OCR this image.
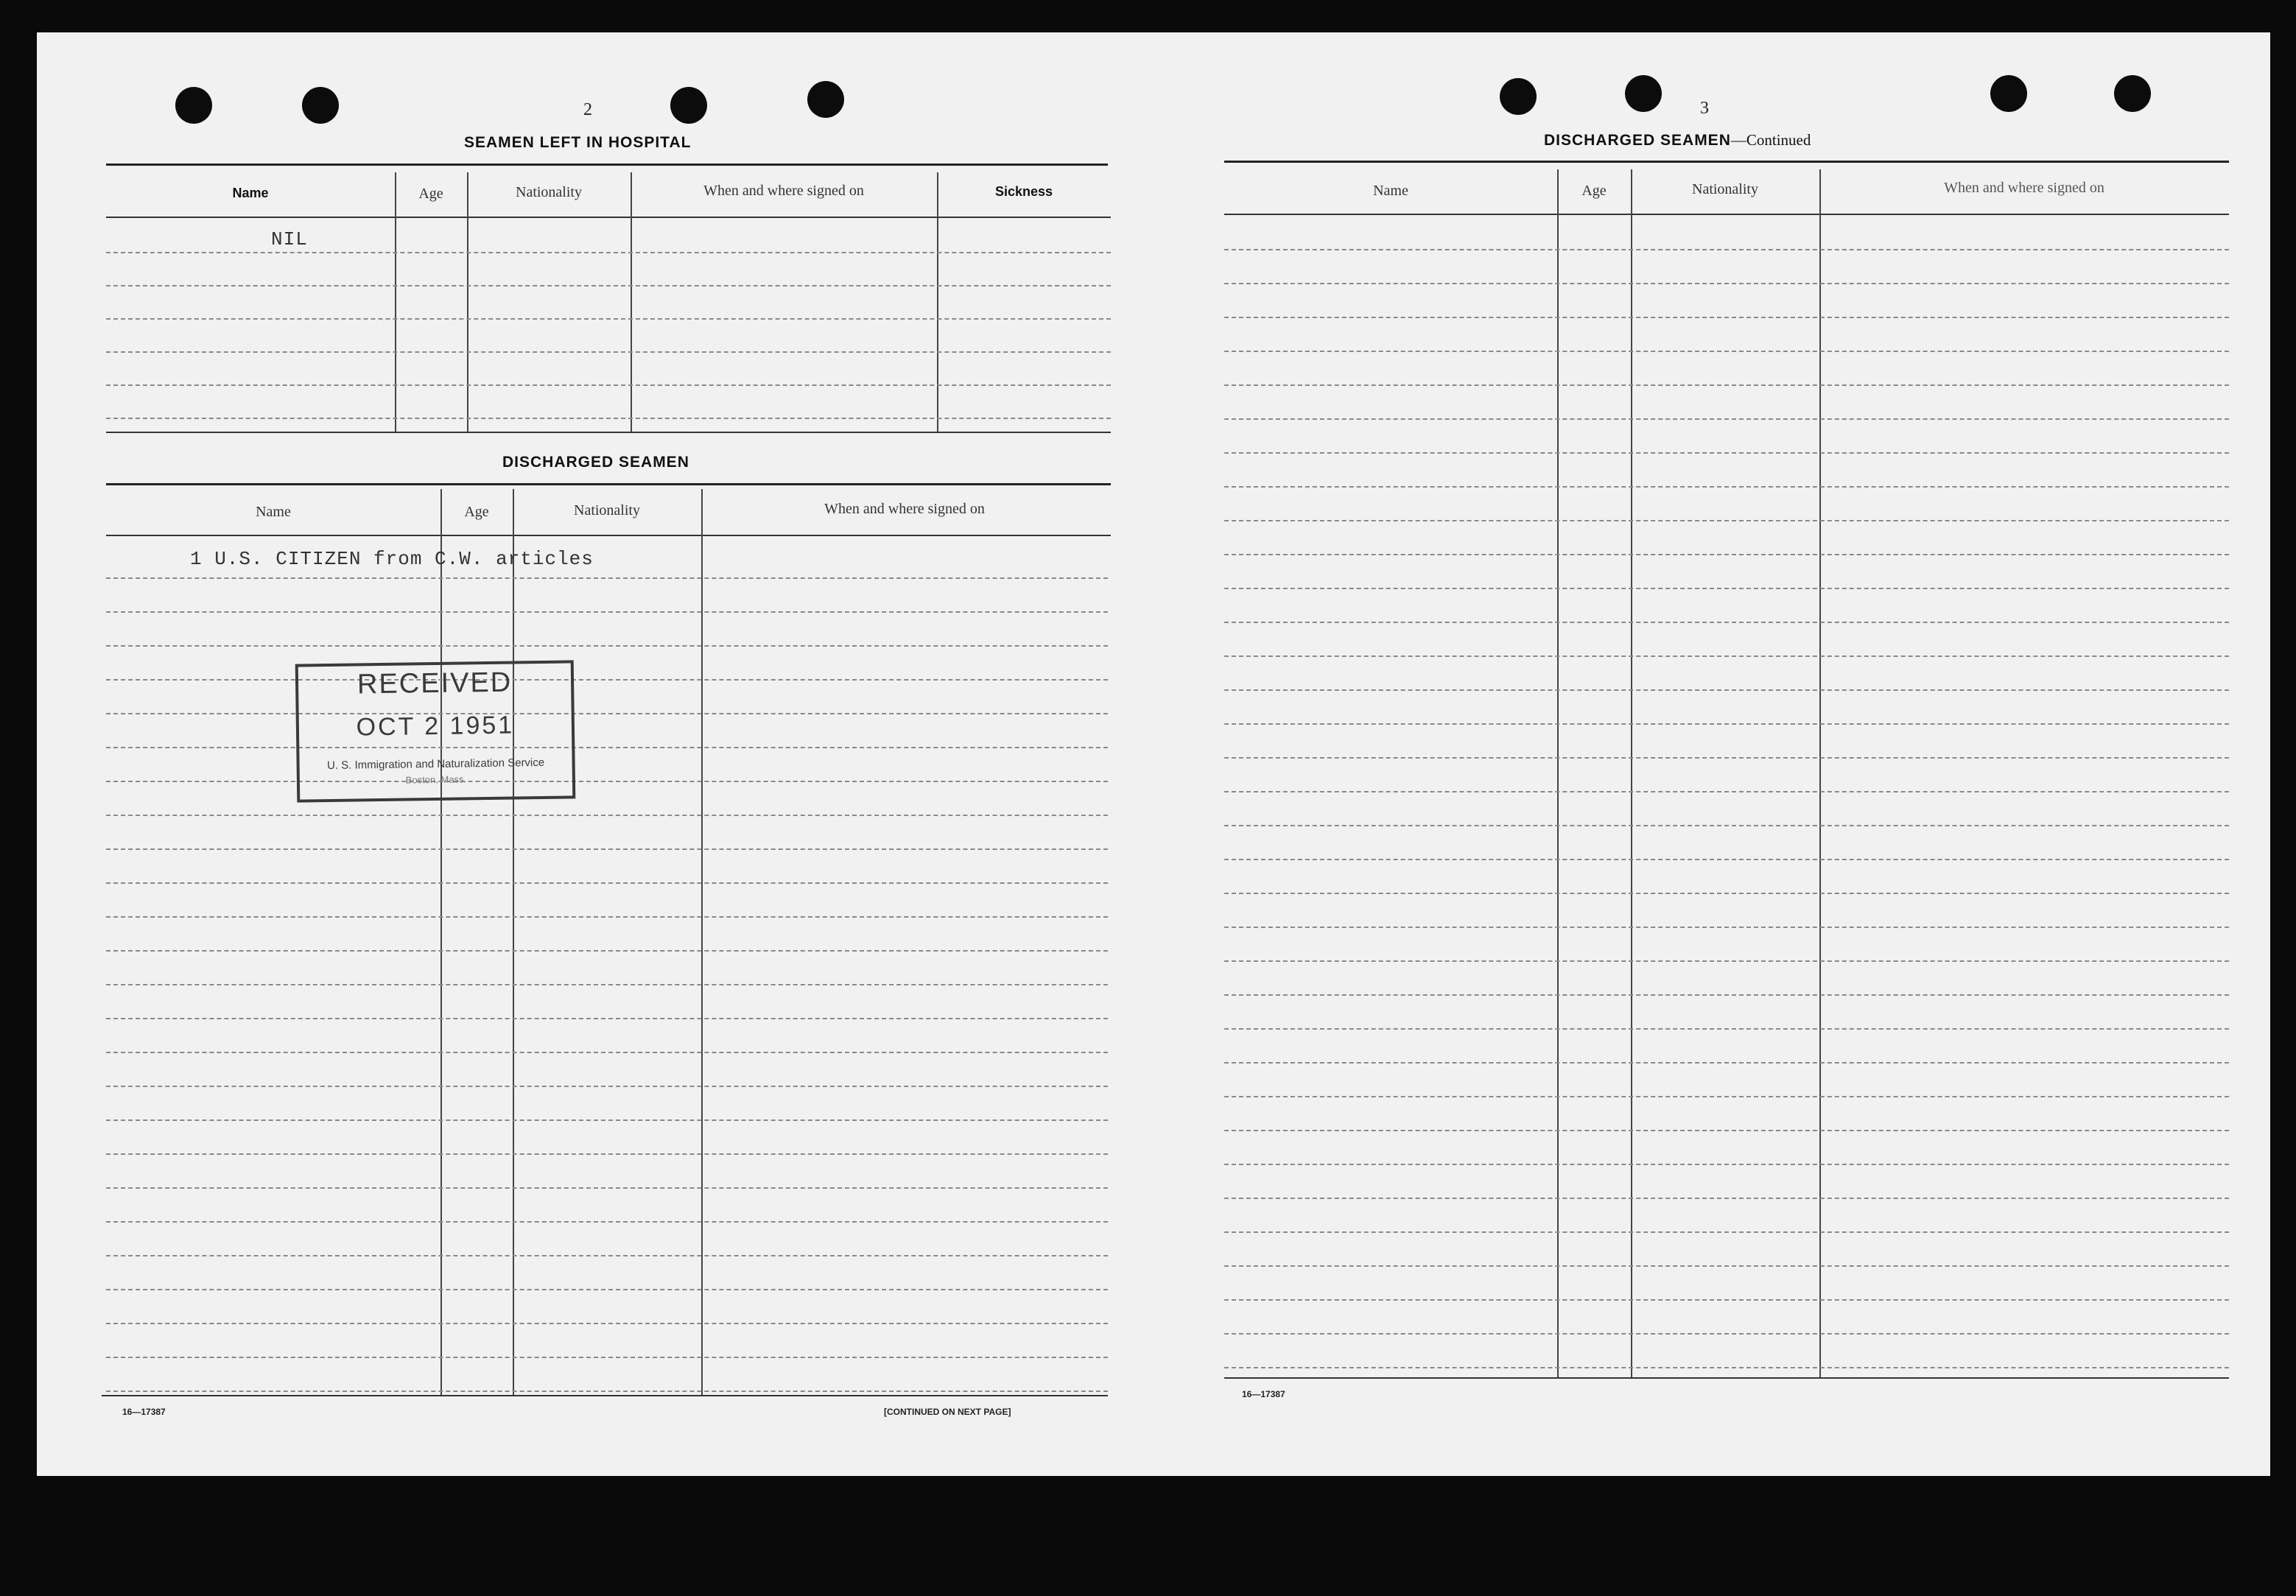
2
SEAMEN LEFT IN HOSPITAL
Name	Age	Nationality	When and where signed on	Sickness
NIL
DISCHARGED SEAMEN
Name	Age	Nationality	When and where signed on
1 U.S. CITIZEN from C.W. articles
RECEIVED
OCT 2 1951
U. S. Immigration and Naturalization Service
Boston, Mass.
16—17387	[CONTINUED ON NEXT PAGE]
3
DISCHARGED SEAMEN—Continued
Name	Age	Nationality	When and where signed on
16—17387
